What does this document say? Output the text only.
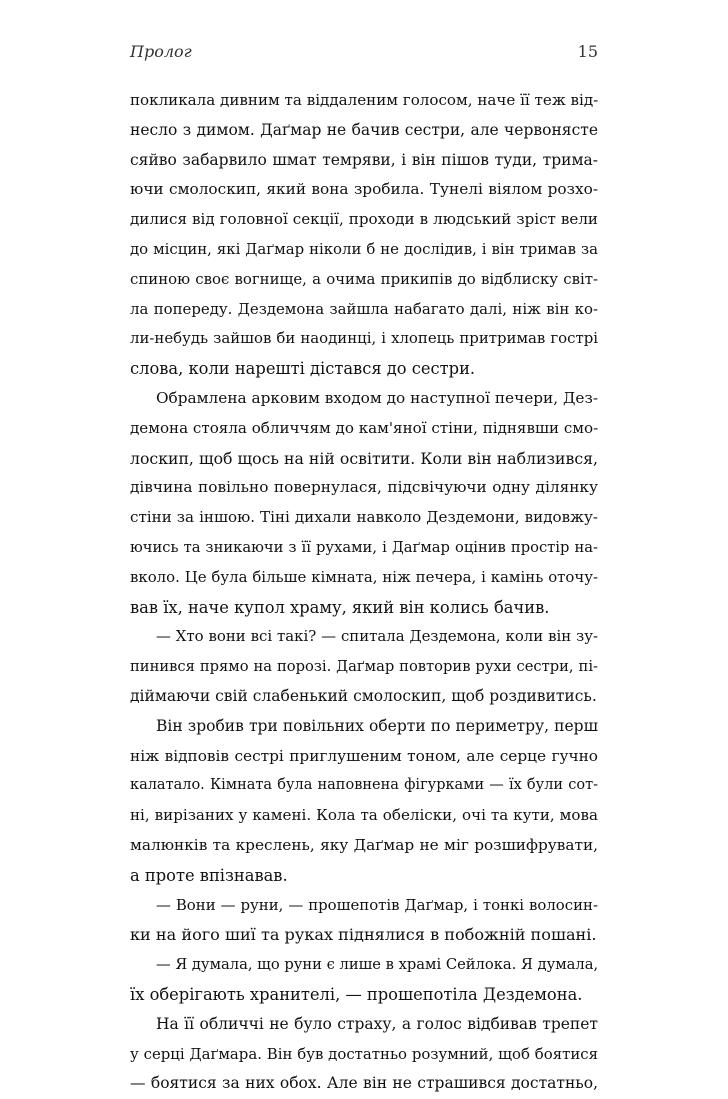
Пролог	15
покликала дивним та віддаленим голосом, наче її теж від-
несло з димом. Даґмар не бачив сестри, але червонясте
сяйво забарвило шмат темряви, і він пішов туди, трима-
ючи смолоскип, який вона зробила. Тунелі віялом розхо-
дилися від головної секції, проходи в людський зріст вели
до місцин, які Даґмар ніколи б не дослідив, і він тримав за
спиною своє вогнище, а очима прикипів до відблиску світ-
ла попереду. Дездемона зайшла набагато далі, ніж він ко-
ли-небудь зайшов би наодинці, і хлопець притримав гострі
слова, коли нарешті дістався до сестри.
Обрамлена арковим входом до наступної печери, Дез-
демона стояла обличчям до кам'яної стіни, піднявши смо-
лоскип, щоб щось на ній освітити. Коли він наблизився,
дівчина повільно повернулася, підсвічуючи одну ділянку
стіни за іншою. Тіні дихали навколо Дездемони, видовжу-
ючись та зникаючи з її рухами, і Даґмар оцінив простір на-
вколо. Це була більше кімната, ніж печера, і камінь оточу-
вав їх, наче купол храму, який він колись бачив.
— Хто вони всі такі? — спитала Дездемона, коли він зу-
пинився прямо на порозі. Даґмар повторив рухи сестри, пі-
діймаючи свій слабенький смолоскип, щоб роздивитись.
Він зробив три повільних оберти по периметру, перш
ніж відповів сестрі приглушеним тоном, але серце гучно
калатало. Кімната була наповнена фігурками — їх були сот-
ні, вирізаних у камені. Кола та обеліски, очі та кути, мова
малюнків та креслень, яку Даґмар не міг розшифрувати,
а проте впізнавав.
— Вони — руни, — прошепотів Даґмар, і тонкі волосин-
ки на його шиї та руках піднялися в побожній пошані.
— Я думала, що руни є лише в храмі Сейлока. Я думала,
їх оберігають хранителі, — прошепотіла Дездемона.
На її обличчі не було страху, а голос відбивав трепет
у серці Даґмара. Він був достатньо розумний, щоб боятися
— боятися за них обох. Але він не страшився достатньо,
